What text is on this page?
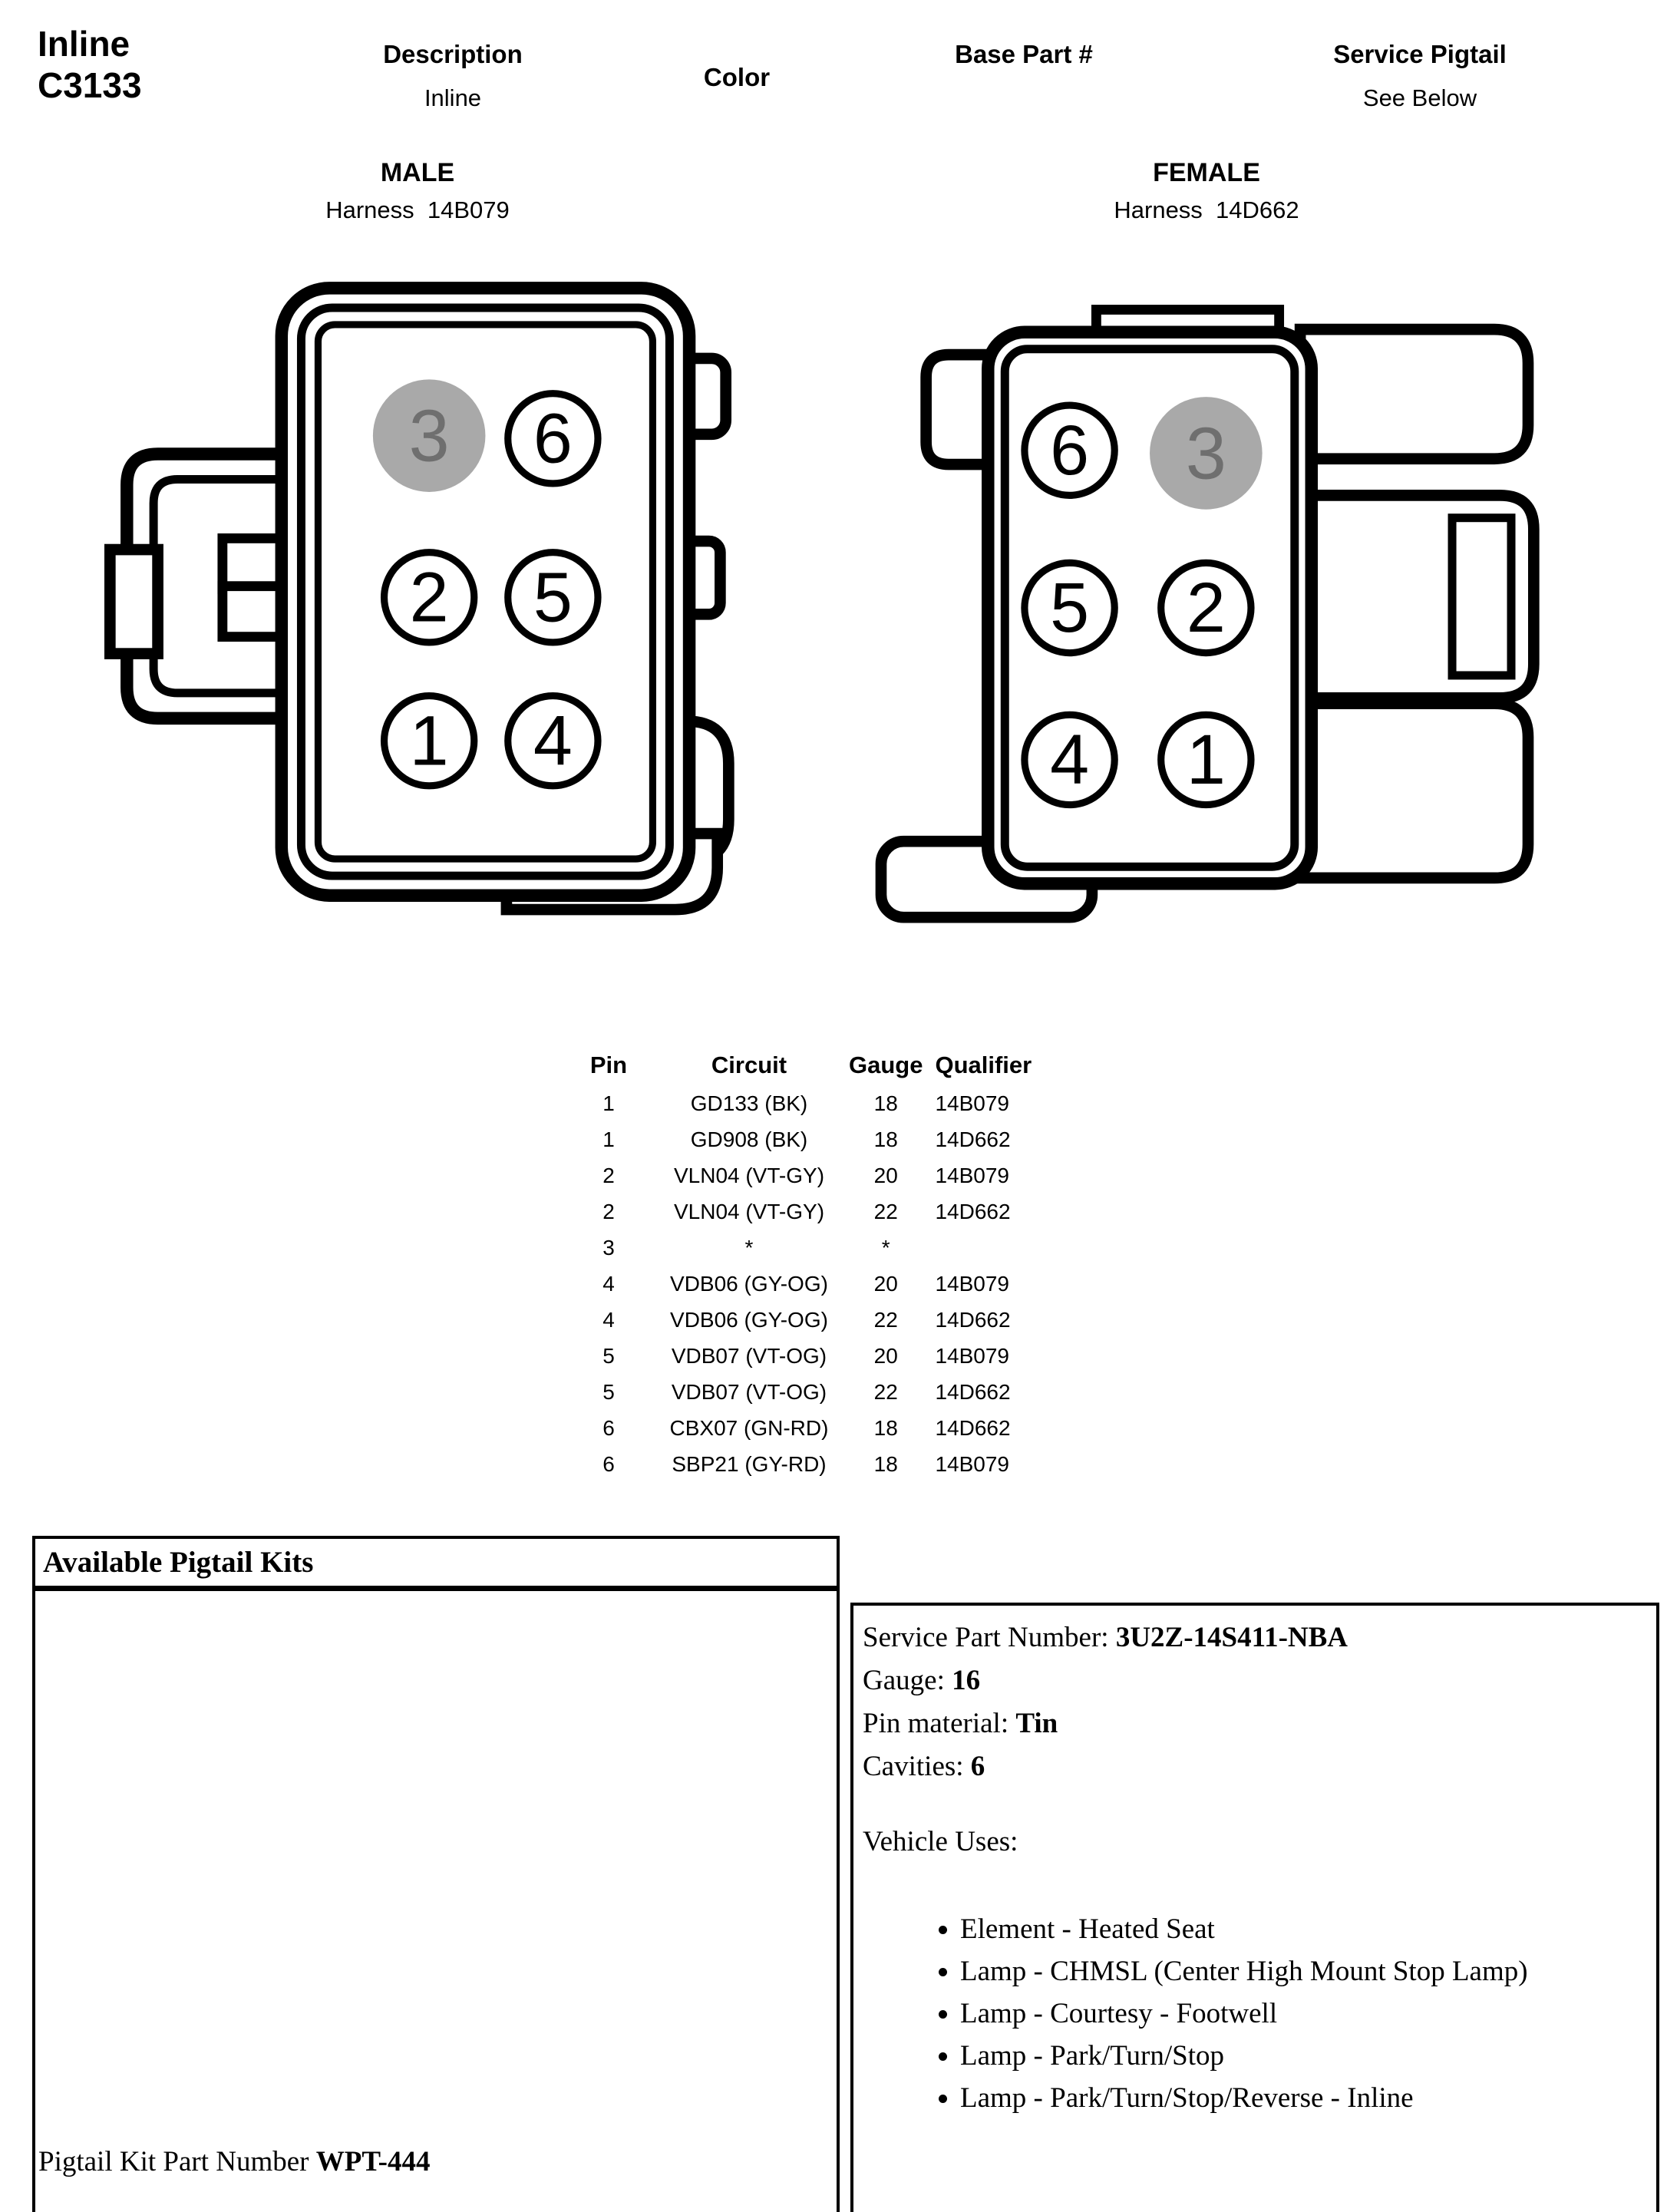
Inline
C3133
Description
Inline
Color
Base Part #	Service Pigtail
See Below
MALE
Harness  14B079
FEMALE
Harness  14D662
3 6
2 5
1 4
6 3
5	2
4	1
Pin	Circuit	Gauge	Qualifier
1	GD133 (BK)	18	14B079
1	GD908 (BK)	18	14D662
2	VLN04 (VT-GY)	20	14B079
2	VLN04 (VT-GY)	22	14D662
3	*	*	
4	VDB06 (GY-OG)	20	14B079
4	VDB06 (GY-OG)	22	14D662
5	VDB07 (VT-OG)	20	14B079
5	VDB07 (VT-OG)	22	14D662
6	CBX07 (GN-RD)	18	14D662
6	SBP21 (GY-RD)	18	14B079
Available Pigtail Kits
Pigtail Kit Part Number WPT-444

Service Part Number: 3U2Z-14S411-NBA

Gauge: 16

Pin material: Tin

Cavities: 6

Vehicle Uses:

• Element - Heated Seat
• Lamp - CHMSL (Center High Mount Stop Lamp)
• Lamp - Courtesy - Footwell
• Lamp - Park/Turn/Stop
• Lamp - Park/Turn/Stop/Reverse - Inline
